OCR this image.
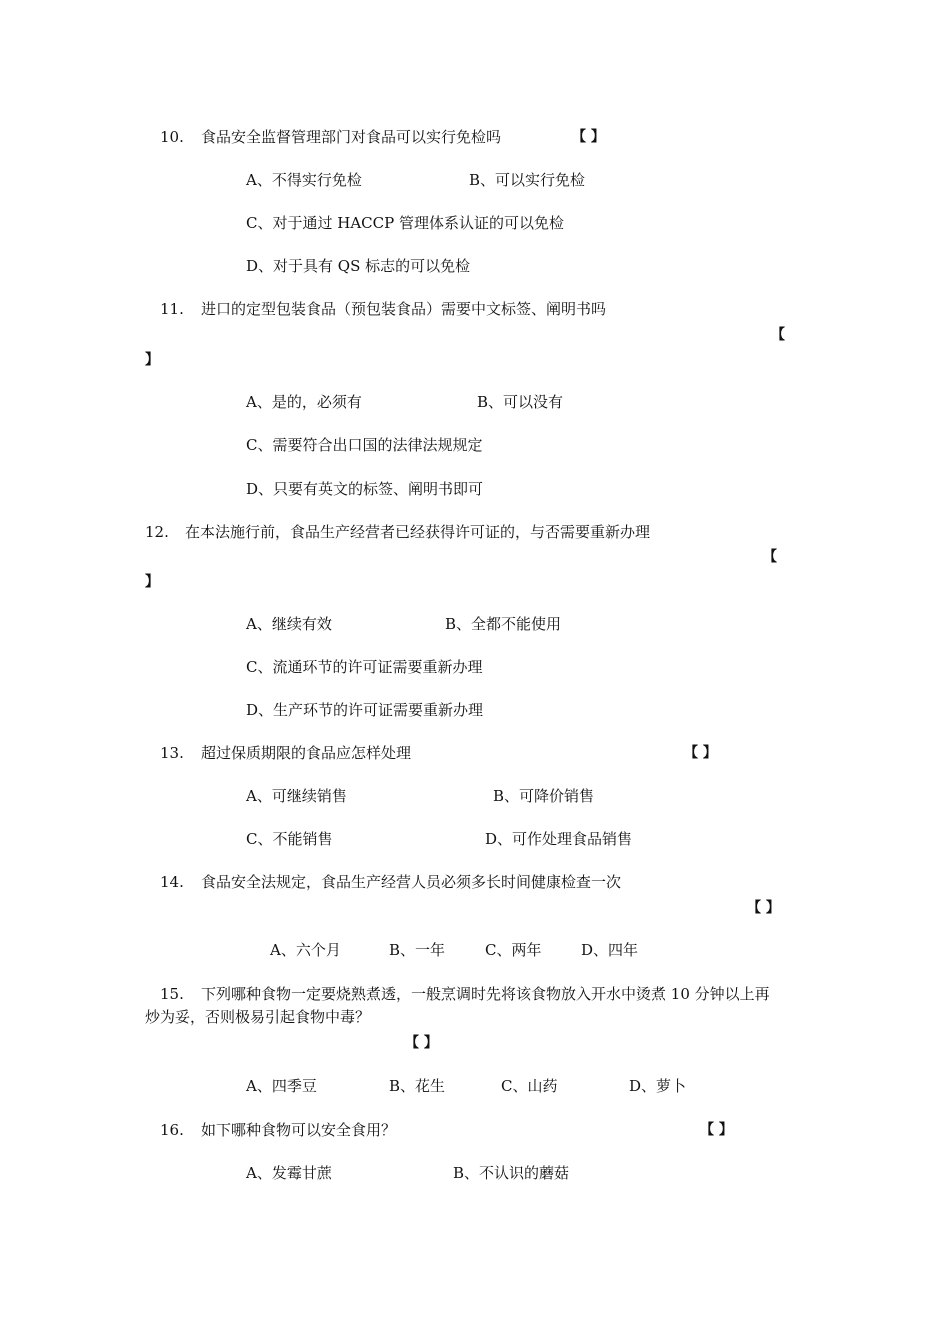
10. 食品安全监督管理部门对食品可以实行免检吗	【 】
A、不得实行免检	B、可以实行免检
C、对于通过 HACCP 管理体系认证的可以免检
D、对于具有 QS 标志的可以免检
11. 进口的定型包装食品（预包装食品）需要中文标签、阐明书吗
【
】
A、是的，必须有	B、可以没有
C、需要符合出口国的法律法规规定
D、只要有英文的标签、阐明书即可
12. 在本法施行前，食品生产经营者已经获得许可证的，与否需要重新办理
【
】
A、继续有效	B、全都不能使用
C、流通环节的许可证需要重新办理
D、生产环节的许可证需要重新办理
13. 超过保质期限的食品应怎样处理	【 】
A、可继续销售	B、可降价销售
C、不能销售	D、可作处理食品销售
14. 食品安全法规定，食品生产经营人员必须多长时间健康检查一次
【 】
A、六个月	B、一年	C、两年	D、四年
15. 下列哪种食物一定要烧熟煮透，一般烹调时先将该食物放入开水中烫煮 10 分钟以上再
炒为妥，否则极易引起食物中毒？
【 】
A、四季豆	B、花生	C、山药	D、萝卜
16. 如下哪种食物可以安全食用？	【 】
A、发霉甘蔗	B、不认识的蘑菇
